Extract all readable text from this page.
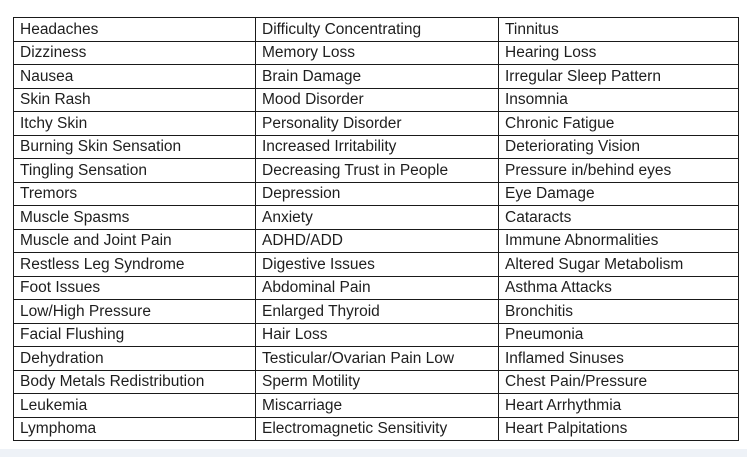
Headaches	Difficulty Concentrating	Tinnitus
Dizziness	Memory Loss	Hearing Loss
Nausea	Brain Damage	Irregular Sleep Pattern
Skin Rash	Mood Disorder	Insomnia
Itchy Skin	Personality Disorder	Chronic Fatigue
Burning Skin Sensation	Increased Irritability	Deteriorating Vision
Tingling Sensation	Decreasing Trust in People	Pressure in/behind eyes
Tremors	Depression	Eye Damage
Muscle Spasms	Anxiety	Cataracts
Muscle and Joint Pain	ADHD/ADD	Immune Abnormalities
Restless Leg Syndrome	Digestive Issues	Altered Sugar Metabolism
Foot Issues	Abdominal Pain	Asthma Attacks
Low/High Pressure	Enlarged Thyroid	Bronchitis
Facial Flushing	Hair Loss	Pneumonia
Dehydration	Testicular/Ovarian Pain Low	Inflamed Sinuses
Body Metals Redistribution	Sperm Motility	Chest Pain/Pressure
Leukemia	Miscarriage	Heart Arrhythmia
Lymphoma	Electromagnetic Sensitivity	Heart Palpitations
